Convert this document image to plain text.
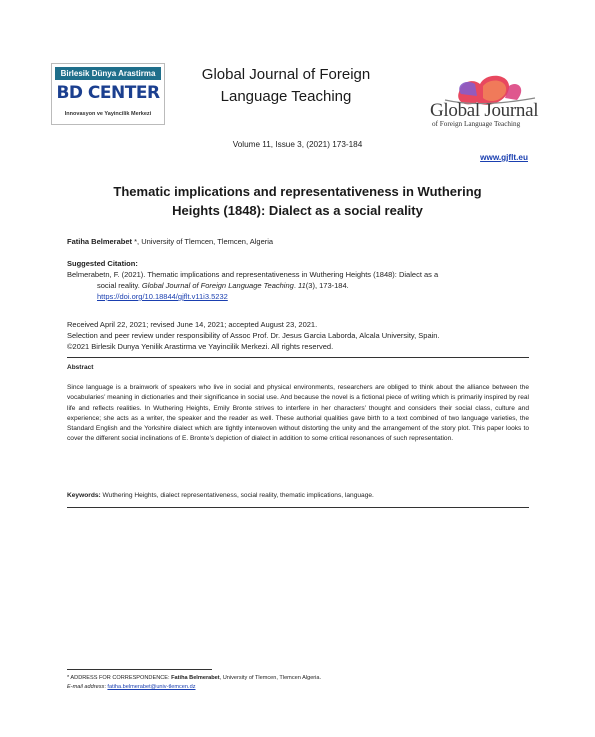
Birlesik Dünya Arastirma
BD CENTER
Innovasyon ve Yayincilik Merkezi
Global Journal of Foreign
Language Teaching
Global Journal
of Foreign Language Teaching
Volume 11, Issue 3, (2021) 173-184
www.gjflt.eu
Thematic implications and representativeness in Wuthering Heights (1848): Dialect as a social reality
Fatiha Belmerabet *, University of Tlemcen, Tlemcen, Algeria
Suggested Citation:
Belmerabetn, F. (2021). Thematic implications and representativeness in Wuthering Heights (1848): Dialect as a
social reality. Global Journal of Foreign Language Teaching. 11(3), 173-184.
https://doi.org/10.18844/gjflt.v11i3.5232
Received April 22, 2021; revised June 14, 2021; accepted August 23, 2021.
Selection and peer review under responsibility of Assoc Prof. Dr. Jesus Garcia Laborda, Alcala University, Spain.
©2021 Birlesik Dunya Yenilik Arastirma ve Yayincilik Merkezi. All rights reserved.
Abstract
Since language is a brainwork of speakers who live in social and physical environments, researchers are obliged to think about the alliance between the vocabularies’ meaning in dictionaries and their significance in social use. And because the novel is a fictional piece of writing which is primarily inspired by real life and reflects realities. In Wuthering Heights, Emily Bronte strives to interfere in her characters’ thought and considers their social class, culture and experience; she acts as a writer, the speaker and the reader as well. These authorial qualities gave birth to a text combined of two language varieties, the Standard English and the Yorkshire dialect which are tightly interwoven without distorting the unity and the arrangement of the story plot. This paper looks to cover the different social inclinations of E. Bronte’s depiction of dialect in addition to some critical resonances of such representation.
Keywords: Wuthering Heights, dialect representativeness, social reality, thematic implications, language.
* ADDRESS FOR CORRESPONDENCE: Fatiha Belmerabet, University of Tlemcen, Tlemcen Algeria.
E-mail address: fatiha.belmerabet@univ-tlemcen.dz
